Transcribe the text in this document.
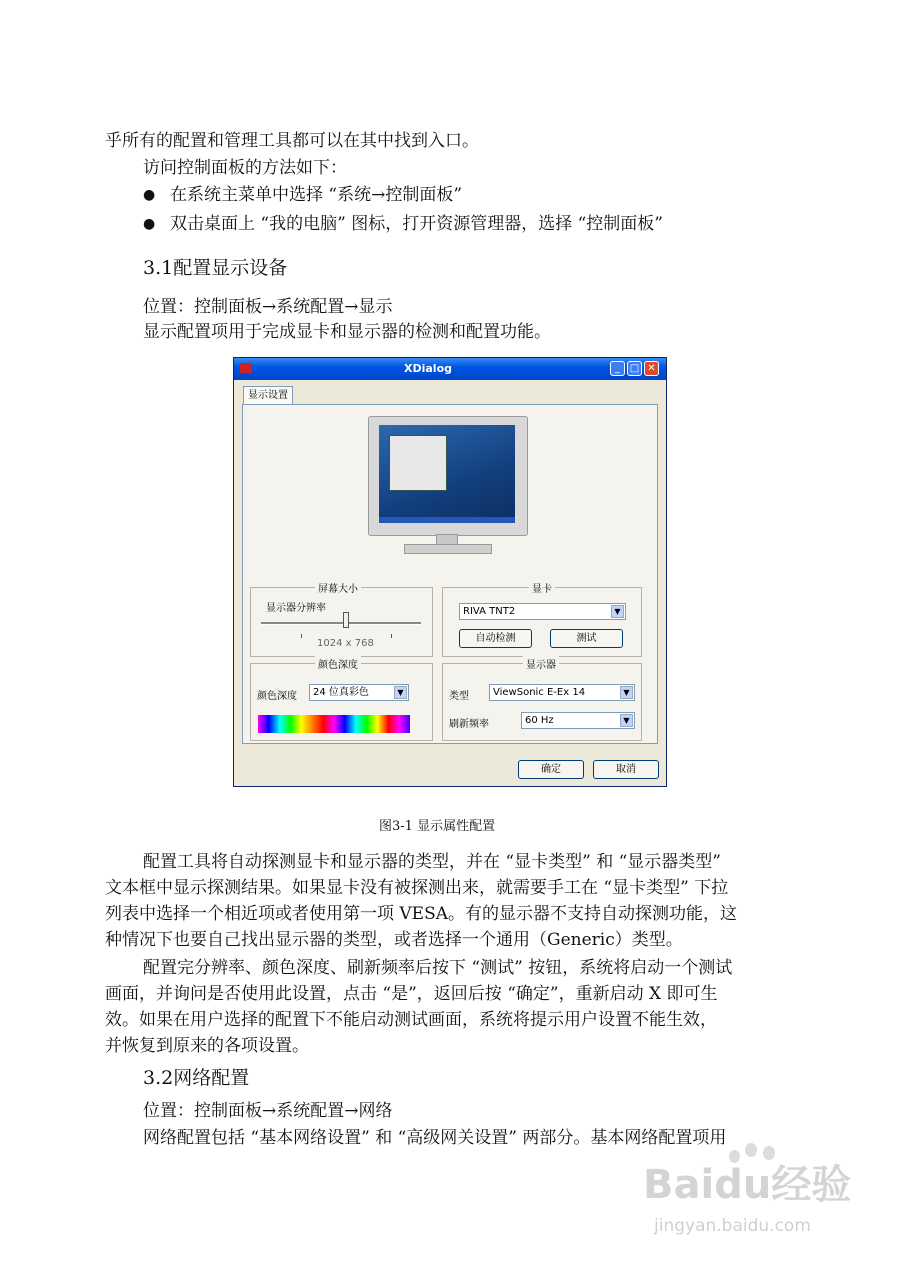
乎所有的配置和管理工具都可以在其中找到入口。
访问控制面板的方法如下：
● 在系统主菜单中选择 “系统→控制面板”
● 双击桌面上 “我的电脑” 图标，打开资源管理器，选择 “控制面板”
3.1配置显示设备
位置：控制面板→系统配置→显示
显示配置项用于完成显卡和显示器的检测和配置功能。
XDialog	_ □ ✕
显示设置
屏幕大小
显示器分辨率
1024 x 768
显卡
RIVA TNT2	▼
自动检测	测试
颜色深度
颜色深度	24 位真彩色	▼
显示器
类型	ViewSonic E-Ex 14	▼
刷新频率	60 Hz	▼
确定	取消
图3-1 显示属性配置
配置工具将自动探测显卡和显示器的类型，并在 “显卡类型” 和 “显示器类型”
文本框中显示探测结果。如果显卡没有被探测出来，就需要手工在 “显卡类型” 下拉
列表中选择一个相近项或者使用第一项 VESA。有的显示器不支持自动探测功能，这
种情况下也要自己找出显示器的类型，或者选择一个通用（Generic）类型。
配置完分辨率、颜色深度、刷新频率后按下 “测试” 按钮，系统将启动一个测试
画面，并询问是否使用此设置，点击 “是”，返回后按 “确定”，重新启动 X 即可生
效。如果在用户选择的配置下不能启动测试画面，系统将提示用户设置不能生效，
并恢复到原来的各项设置。
3.2网络配置
位置：控制面板→系统配置→网络
网络配置包括 “基本网络设置” 和 “高级网关设置” 两部分。基本网络配置项用
Baidu经验
jingyan.baidu.com
